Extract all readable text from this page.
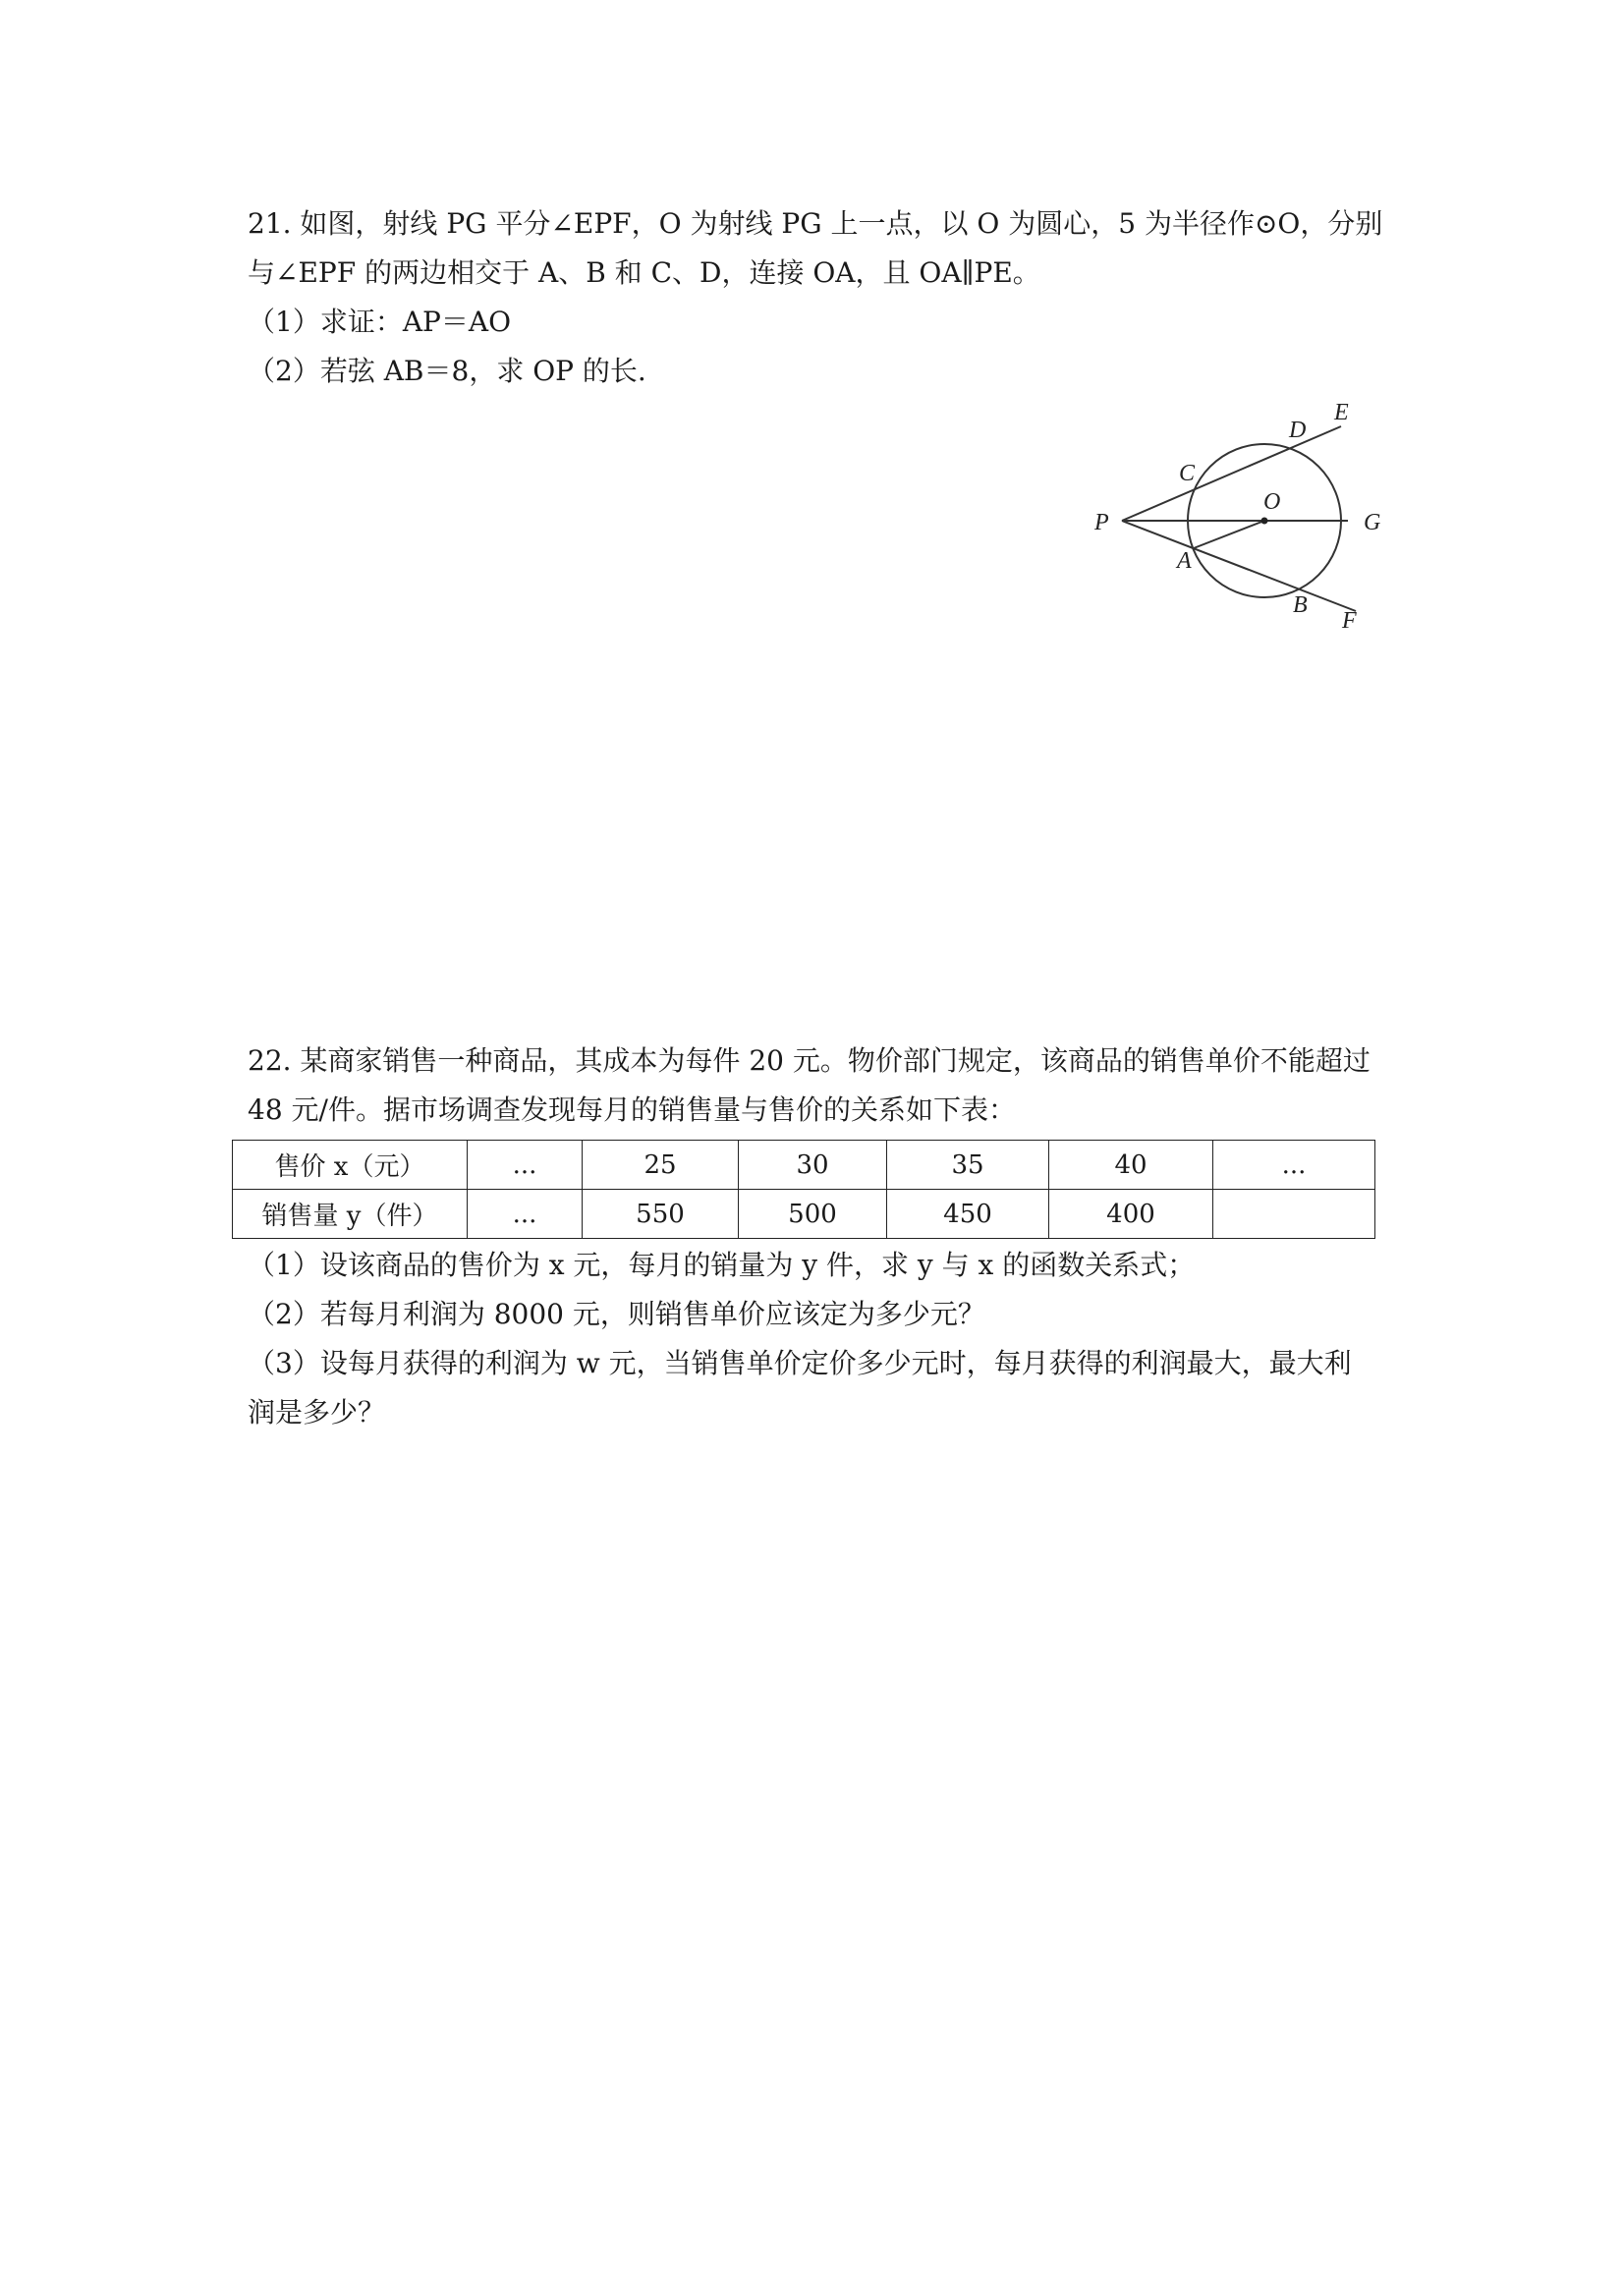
21. 如图，射线 PG 平分∠EPF，O 为射线 PG 上一点，以 O 为圆心，5 为半径作⊙O，分别
与∠EPF 的两边相交于 A、B 和 C、D，连接 OA，且 OA∥PE。
（1）求证：AP＝AO
（2）若弦 AB＝8，求 OP 的长.
P
O
G
A
B
C
D
E
F
22. 某商家销售一种商品，其成本为每件 20 元。物价部门规定，该商品的销售单价不能超过
48 元/件。据市场调查发现每月的销售量与售价的关系如下表：
售价 x（元）	...	25	30	35	40	...
销售量 y（件）	...	550	500	450	400	
（1）设该商品的售价为 x 元，每月的销量为 y 件，求 y 与 x 的函数关系式；
（2）若每月利润为 8000 元，则销售单价应该定为多少元？
（3）设每月获得的利润为 w 元，当销售单价定价多少元时，每月获得的利润最大，最大利
润是多少？
